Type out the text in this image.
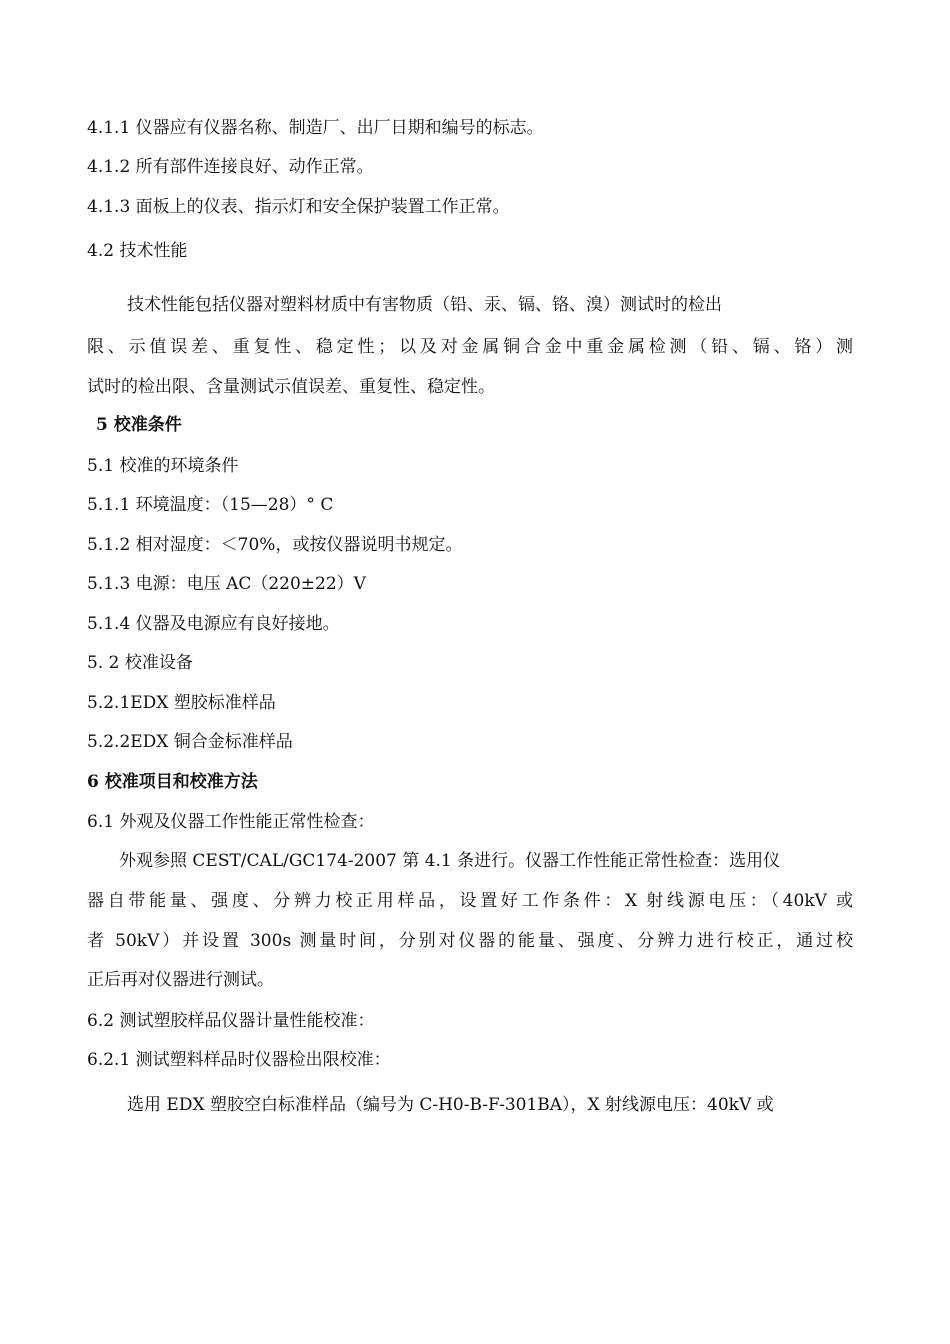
4.1.1 仪器应有仪器名称、制造厂、出厂日期和编号的标志。

4.1.2 所有部件连接良好、动作正常。

4.1.3 面板上的仪表、指示灯和安全保护装置工作正常。

4.2 技术性能

技术性能包括仪器对塑料材质中有害物质（铅、汞、镉、铬、溴）测试时的检出

限、示值误差、重复性、稳定性；以及对金属铜合金中重金属检测（铅、镉、铬）测

试时的检出限、含量测试示值误差、重复性、稳定性。

5 校准条件

5.1 校准的环境条件

5.1.1 环境温度：（15—28）° C

5.1.2 相对湿度：＜70%，或按仪器说明书规定。

5.1.3 电源：电压 AC（220±22）V

5.1.4 仪器及电源应有良好接地。

5. 2 校准设备

5.2.1EDX 塑胶标准样品

5.2.2EDX 铜合金标准样品

6 校准项目和校准方法

6.1 外观及仪器工作性能正常性检查：

外观参照 CEST/CAL/GC174-2007 第 4.1 条进行。仪器工作性能正常性检查：选用仪

器自带能量、强度、分辨力校正用样品，设置好工作条件：X 射线源电压：（40kV 或

者 50kV）并设置 300s 测量时间，分别对仪器的能量、强度、分辨力进行校正，通过校

正后再对仪器进行测试。

6.2 测试塑胶样品仪器计量性能校准：

6.2.1 测试塑料样品时仪器检出限校准：

选用 EDX 塑胶空白标准样品（编号为 C-H0-B-F-301BA），X 射线源电压：40kV 或
